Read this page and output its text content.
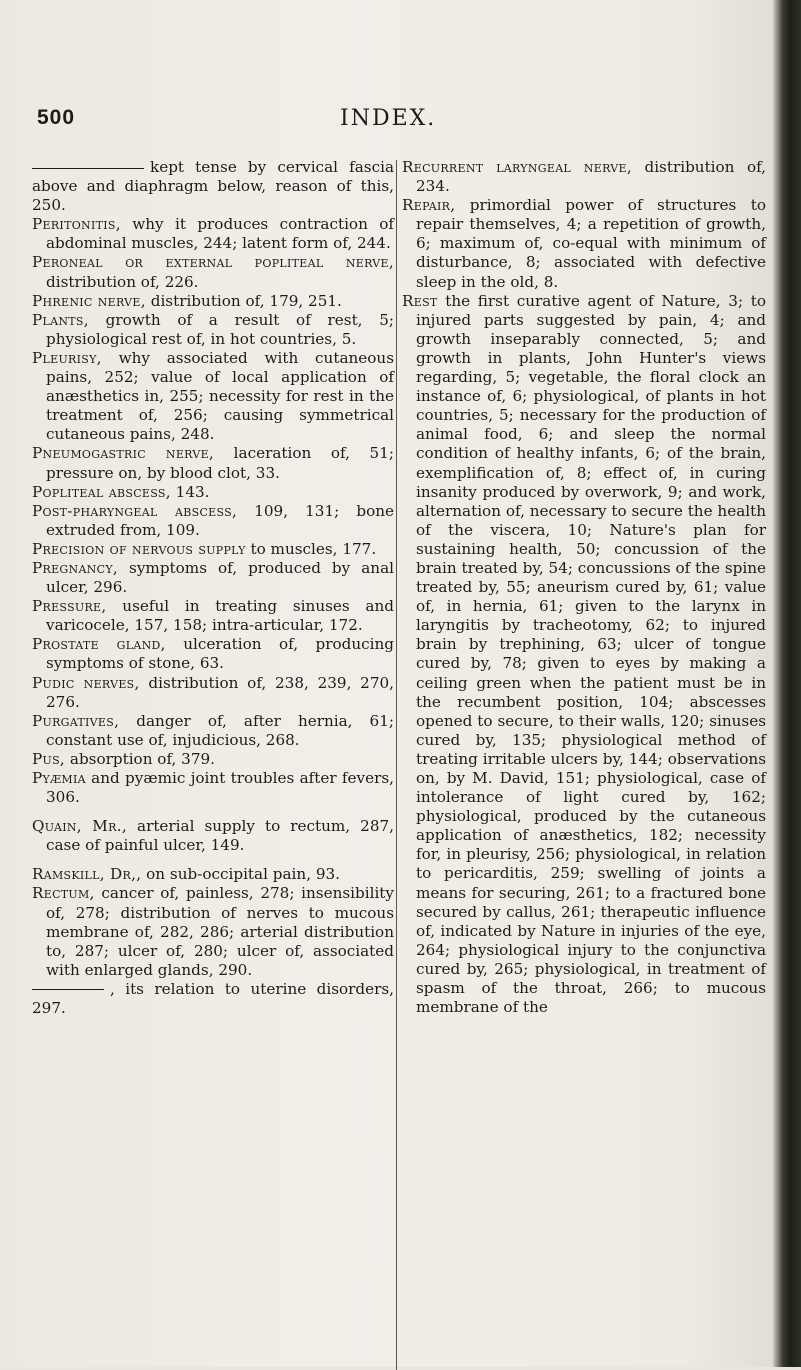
500	INDEX.

kept tense by cervical fascia above and diaphragm below, reason of this, 250.

Peritonitis, why it produces contraction of abdominal muscles, 244; latent form of, 244.

Peroneal or external popliteal nerve, distribution of, 226.

Phrenic nerve, distribution of, 179, 251.

Plants, growth of a result of rest, 5; physiological rest of, in hot countries, 5.

Pleurisy, why associated with cutaneous pains, 252; value of local application of anæsthetics in, 255; necessity for rest in the treatment of, 256; causing symmetrical cutaneous pains, 248.

Pneumogastric nerve, laceration of, 51; pressure on, by blood clot, 33.

Popliteal abscess, 143.

Post-pharyngeal abscess, 109, 131; bone extruded from, 109.

Precision of nervous supply to muscles, 177.

Pregnancy, symptoms of, produced by anal ulcer, 296.

Pressure, useful in treating sinuses and varicocele, 157, 158; intra-articular, 172.

Prostate gland, ulceration of, producing symptoms of stone, 63.

Pudic nerves, distribution of, 238, 239, 270, 276.

Purgatives, danger of, after hernia, 61; constant use of, injudicious, 268.

Pus, absorption of, 379.

Pyæmia and pyæmic joint troubles after fevers, 306.

Quain, Mr., arterial supply to rectum, 287, case of painful ulcer, 149.

Ramskill, Dr,, on sub-occipital pain, 93.

Rectum, cancer of, painless, 278; insensibility of, 278; distribution of nerves to mucous membrane of, 282, 286; arterial distribution to, 287; ulcer of, 280; ulcer of, associated with enlarged glands, 290.

, its relation to uterine disorders, 297.

Recurrent laryngeal nerve, distribution of, 234.

Repair, primordial power of structures to repair themselves, 4; a repetition of growth, 6; maximum of, co-equal with minimum of disturbance, 8; associated with defective sleep in the old, 8.

Rest the first curative agent of Nature, 3; to injured parts suggested by pain, 4; and growth inseparably connected, 5; and growth in plants, John Hunter's views regarding, 5; vegetable, the floral clock an instance of, 6; physiological, of plants in hot countries, 5; necessary for the production of animal food, 6; and sleep the normal condition of healthy infants, 6; of the brain, exemplification of, 8; effect of, in curing insanity produced by overwork, 9; and work, alternation of, necessary to secure the health of the viscera, 10; Nature's plan for sustaining health, 50; concussion of the brain treated by, 54; concussions of the spine treated by, 55; aneurism cured by, 61; value of, in hernia, 61; given to the larynx in laryngitis by tracheotomy, 62; to injured brain by trephining, 63; ulcer of tongue cured by, 78; given to eyes by making a ceiling green when the patient must be in the recumbent position, 104; abscesses opened to secure, to their walls, 120; sinuses cured by, 135; physiological method of treating irritable ulcers by, 144; observations on, by M. David, 151; physiological, case of intolerance of light cured by, 162; physiological, produced by the cutaneous application of anæsthetics, 182; necessity for, in pleurisy, 256; physiological, in relation to pericarditis, 259; swelling of joints a means for securing, 261; to a fractured bone secured by callus, 261; therapeutic influence of, indicated by Nature in injuries of the eye, 264; physiological injury to the conjunctiva cured by, 265; physiological, in treatment of spasm of the throat, 266; to mucous membrane of the
